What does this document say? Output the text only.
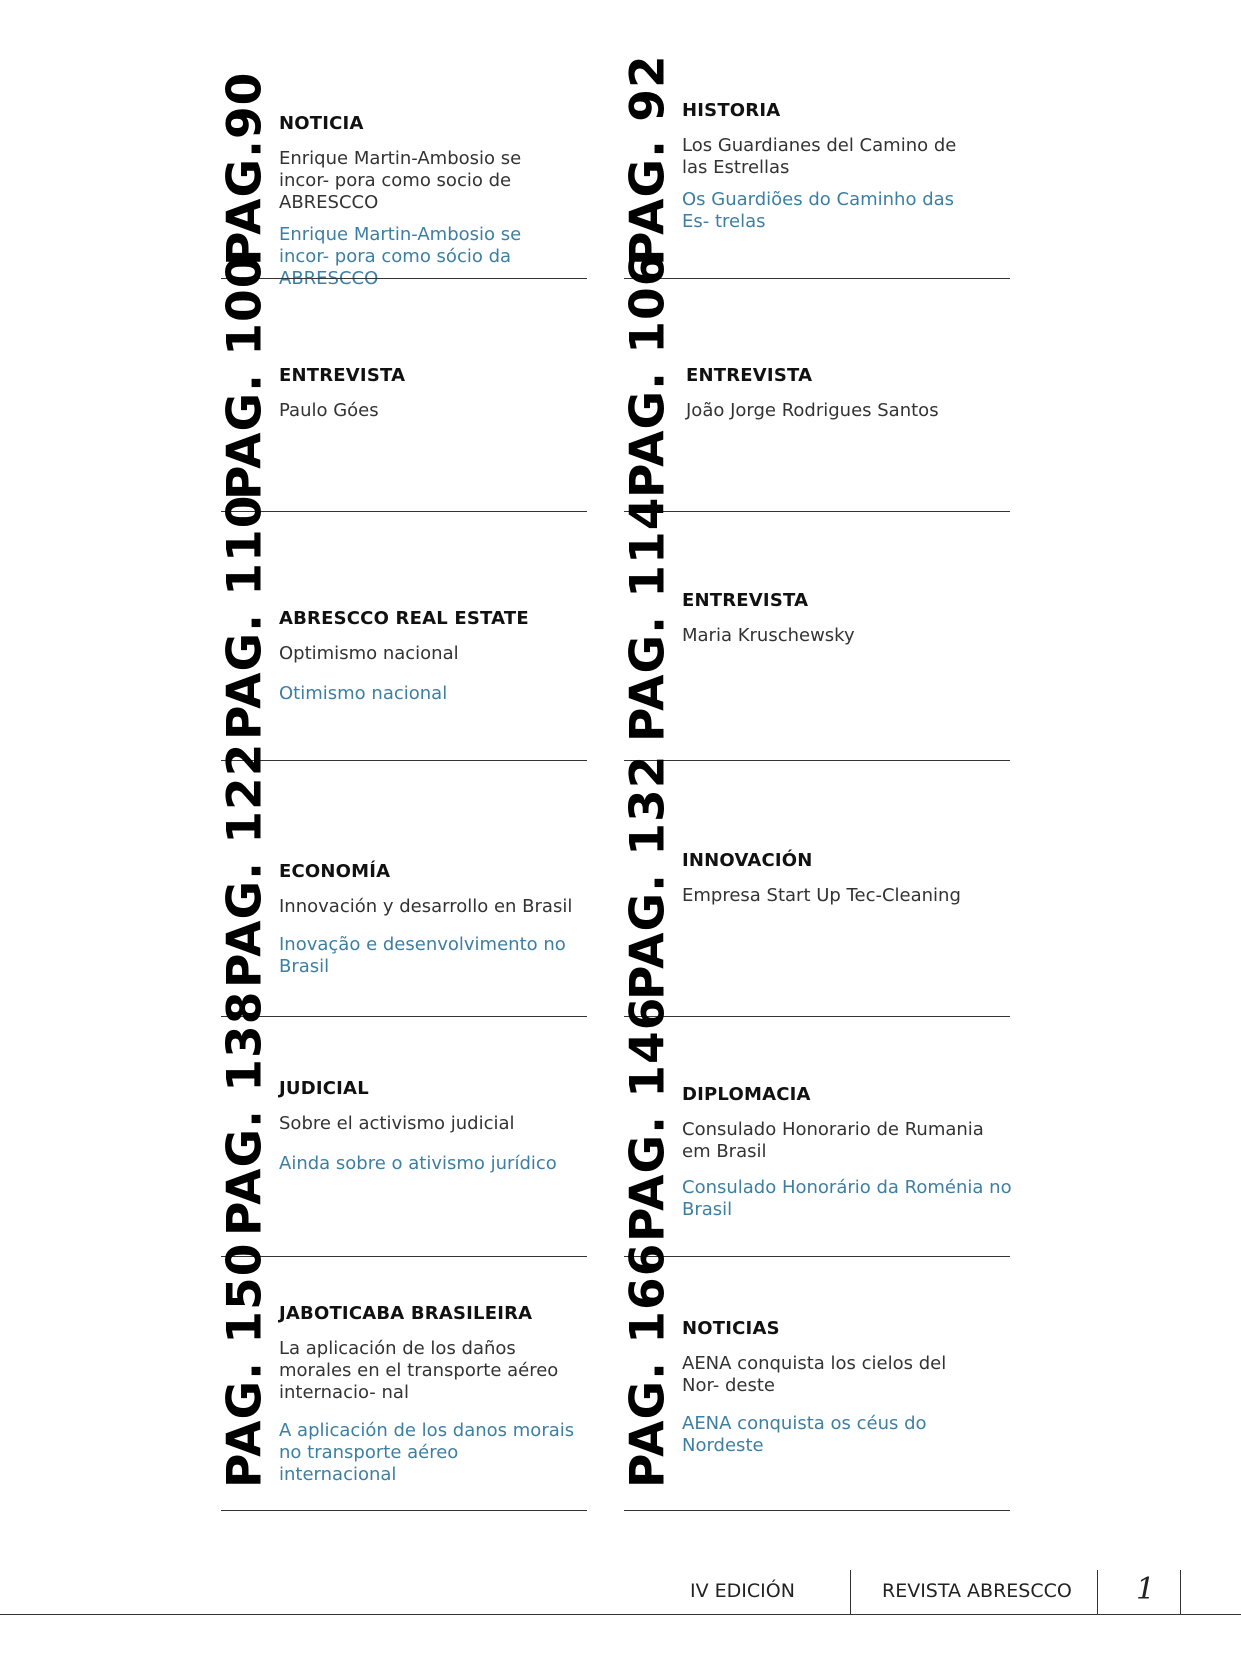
PAG.90 NOTICIA
Enrique Martin-Ambosio se incor- pora como socio de ABRESCCO
Enrique Martin-Ambosio se incor- pora como sócio da ABRESCCO
PAG. 92 HISTORIA
Los Guardianes del Camino de las Estrellas
Os Guardiões do Caminho das Es- trelas
PAG. 100 ENTREVISTA
Paulo Góes	PAG. 106 ENTREVISTA
João Jorge Rodrigues Santos
PAG. 110 ABRESCCO REAL ESTATE
Optimismo nacional
Otimismo nacional	PAG. 114 ENTREVISTA
Maria Kruschewsky
PAG. 122 ECONOMÍA
Innovación y desarrollo en Brasil
Inovação e desenvolvimento no Brasil	PAG. 132 INNOVACIÓN
Empresa Start Up Tec-Cleaning
PAG. 138 JUDICIAL
Sobre el activismo judicial
Ainda sobre o ativismo jurídico	PAG. 146 DIPLOMACIA
Consulado Honorario de Rumania em Brasil
Consulado Honorário da Roménia no Brasil
PAG. 150 JABOTICABA BRASILEIRA
La aplicación de los daños morales en el transporte aéreo internacio- nal
A aplicación de los danos morais no transporte aéreo internacional	PAG. 166 NOTICIAS
AENA conquista los cielos del Nor- deste
AENA conquista os céus do Nordeste
IV EDICIÓN	REVISTA ABRESCCO 1
